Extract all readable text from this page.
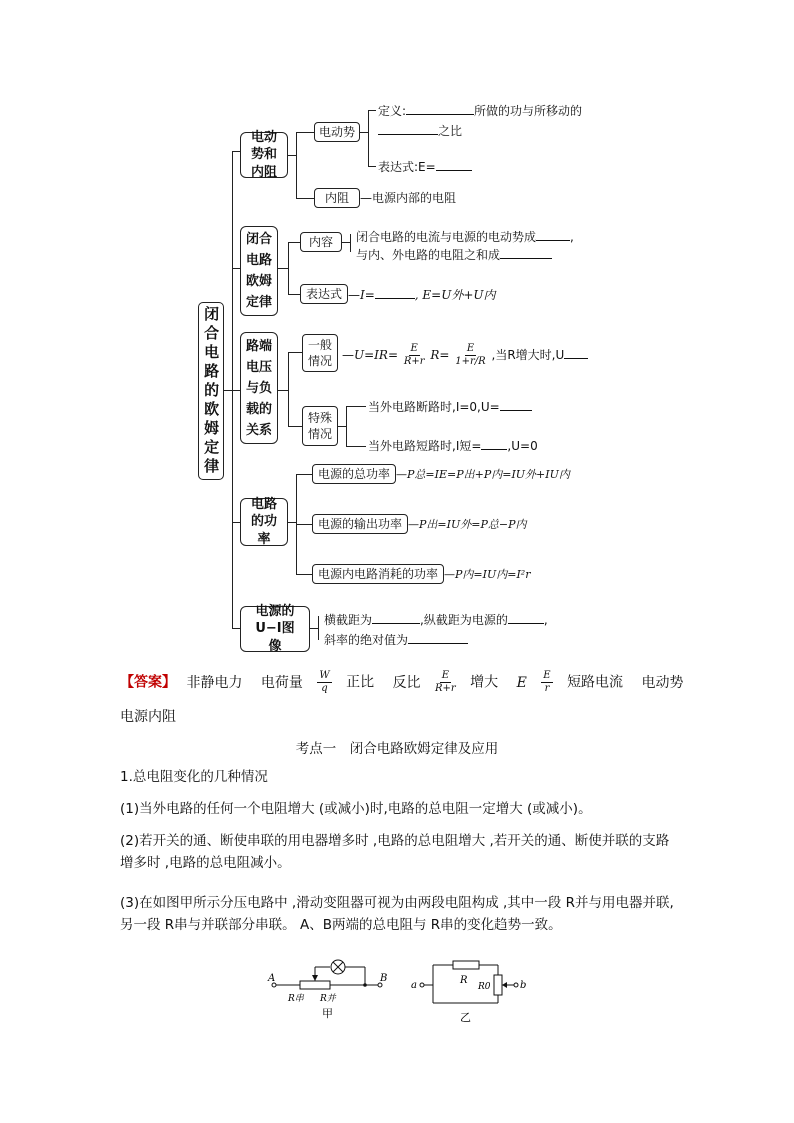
闭合电路的欧姆定律
电动势和内阻
电动势
定义:	所做的功与所移动的
之比
表达式:E=
内阻 —电源内部的电阻
闭合电路欧姆定律
内容	闭合电路的电流与电源的电动势成	,
与内、外电路的电阻之和成
表达式 —I=	, E=U外+U内
路端电压与负载的关系
一般情况 —U=IR= $\frac{E}{R+r} R= \frac{E}{1+r/R}$ ,当R增大时,U
特殊情况
当外电路断路时,I=0,U=
当外电路短路时,I短= ,U=0
电路的功率
电源的总功率 —P总=IE=P出+P内=IU外+IU内
电源的输出功率 —P出=IU外=P总−P内
电源内电路消耗的功率 —P内=IU内=I²r
电源的U−I图像
横截距为	,纵截距为电源的	,
斜率的绝对值为
【答案】 非静电力 电荷量 $\frac{W}{q}$ 正比 反比 $\frac{E}{R+r}$ 增大 E $\frac{E}{r}$ 短路电流 电动势
电源内阻
考点一　闭合电路欧姆定律及应用
1.总电阻变化的几种情况
(1)当外电路的任何一个电阻增大 (或减小)时,电路的总电阻一定增大 (或减小)。
(2)若开关的通、断使串联的用电器增多时 ,电路的总电阻增大 ,若开关的通、断使并联的支路增多时 ,电路的总电阻减小。
(3)在如图甲所示分压电路中 ,滑动变阻器可视为由两段电阻构成 ,其中一段 R并与用电器并联,另一段 R串与并联部分串联。 A、B两端的总电阻与 R串的变化趋势一致。
A	B
R串 R并
甲
a	b
R
R0
乙
